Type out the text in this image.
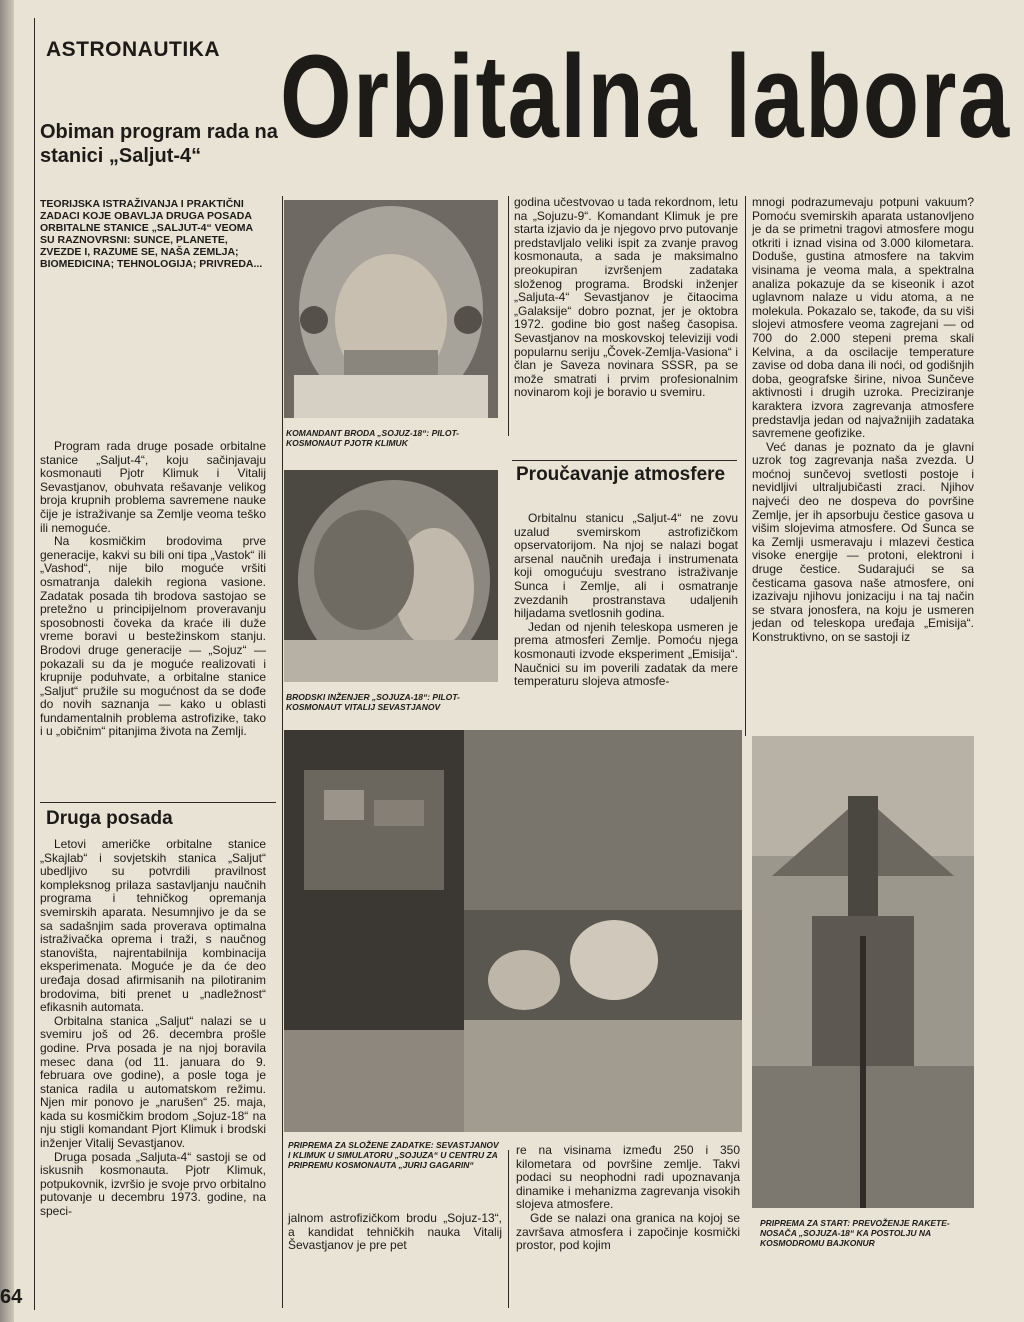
ASTRONAUTIKA Orbitalna labora
Obiman program rada na stanici „Saljut-4“
TEORIJSKA ISTRAŽIVANJA I PRAKTIČNI ZADACI KOJE OBAVLJA DRUGA POSADA ORBITALNE STANICE „SALJUT-4“ VEOMA SU RAZNOVRSNI: SUNCE, PLANETE, ZVEZDE I, RAZUME SE, NAŠA ZEMLJA; BIOMEDICINA; TEHNOLOGIJA; PRIVREDA...

Program rada druge posade orbitalne stanice „Saljut-4“, koju sačinjavaju kosmonauti Pjotr Klimuk i Vitalij Sevastjanov, obuhvata rešavanje velikog broja krupnih problema savremene nauke čije je istraživanje sa Zemlje veoma teško ili nemoguće.

Na kosmičkim brodovima prve generacije, kakvi su bili oni tipa „Vastok“ ili „Vashod“, nije bilo moguće vršiti osmatranja dalekih regiona vasione. Zadatak posada tih brodova sastojao se pretežno u principijelnom proveravanju sposobnosti čoveka da kraće ili duže vreme boravi u bestežinskom stanju. Brodovi druge generacije — „Sojuz“ — pokazali su da je moguće realizovati i krupnije poduhvate, a orbitalne stanice „Saljut“ pružile su mogućnost da se dođe do novih saznanja — kako u oblasti fundamentalnih problema astrofizike, tako i u „običnim“ pitanjima života na Zemlji.

Druga posada

Letovi američke orbitalne stanice „Skajlab“ i sovjetskih stanica „Saljut“ ubedljivo su potvrdili pravilnost kompleksnog prilaza sastavljanju naučnih programa i tehničkog opremanja svemirskih aparata. Nesumnjivo je da se sa sadašnjim sada proverava optimalna istraživačka oprema i traži, s naučnog stanovišta, najrentabilnija kombinacija eksperimenata. Moguće je da će deo uređaja dosad afirmisanih na pilotiranim brodovima, biti prenet u „nadležnost“ efikasnih automata.

Orbitalna stanica „Saljut“ nalazi se u svemiru još od 26. decembra prošle godine. Prva posada je na njoj boravila mesec dana (od 11. januara do 9. februara ove godine), a posle toga je stanica radila u automatskom režimu. Njen mir ponovo je „narušen“ 25. maja, kada su kosmičkim brodom „Sojuz-18“ na nju stigli komandant Pjort Klimuk i brodski inženjer Vitalij Sevastjanov.

Druga posada „Saljuta-4“ sastoji se od iskusnih kosmonauta. Pjotr Klimuk, potpukovnik, izvršio je svoje prvo orbitalno putovanje u decembru 1973. godine, na speci-

KOMANDANT BRODA „SOJUZ-18“: PILOT-KOSMONAUT PJOTR KLIMUK
BRODSKI INŽENJER „SOJUZA-18“: PILOT-KOSMONAUT VITALIJ SEVASTJANOV
PRIPREMA ZA SLOŽENE ZADATKE: SEVASTJANOV I KLIMUK U SIMULATORU „SOJUZA“ U CENTRU ZA PRIPREMU KOSMONAUTA „JURIJ GAGARIN“
jalnom astrofizičkom brodu „Sojuz-13“, a kandidat tehničkih nauka Vitalij Ševastjanov je pre pet

godina učestvovao u tada rekordnom, letu na „Sojuzu-9“. Komandant Klimuk je pre starta izjavio da je njegovo prvo putovanje predstavljalo veliki ispit za zvanje pravog kosmonauta, a sada je maksimalno preokupiran izvršenjem zadataka složenog programa. Brodski inženjer „Saljuta-4“ Sevastjanov je čitaocima „Galaksije“ dobro poznat, jer je oktobra 1972. godine bio gost našeg časopisa. Sevastjanov na moskovskoj televiziji vodi popularnu seriju „Čovek-Zemlja-Vasiona“ i član je Saveza novinara SSSR, pa se može smatrati i prvim profesionalnim novinarom koji je boravio u svemiru.

Proučavanje atmosfere

Orbitalnu stanicu „Saljut-4“ ne zovu uzalud svemirskom astrofizičkom opservatorijom. Na njoj se nalazi bogat arsenal naučnih uređaja i instrumenata koji omogućuju svestrano istraživanje Sunca i Zemlje, ali i osmatranje zvezdanih prostranstava udaljenih hiljadama svetlosnih godina.

Jedan od njenih teleskopa usmeren je prema atmosferi Zemlje. Pomoću njega kosmonauti izvode eksperiment „Emisija“. Naučnici su im poverili zadatak da mere temperaturu slojeva atmosfe-

re na visinama između 250 i 350 kilometara od površine zemlje. Takvi podaci su neophodni radi upoznavanja dinamike i mehanizma zagrevanja visokih slojeva atmosfere.

Gde se nalazi ona granica na kojoj se završava atmosfera i započinje kosmički prostor, pod kojim

mnogi podrazumevaju potpuni vakuum? Pomoću svemirskih aparata ustanovljeno je da se primetni tragovi atmosfere mogu otkriti i iznad visina od 3.000 kilometara. Doduše, gustina atmosfere na takvim visinama je veoma mala, a spektralna analiza pokazuje da se kiseonik i azot uglavnom nalaze u vidu atoma, a ne molekula. Pokazalo se, takođe, da su viši slojevi atmosfere veoma zagrejani — od 700 do 2.000 stepeni prema skali Kelvina, a da oscilacije temperature zavise od doba dana ili noći, od godišnjih doba, geografske širine, nivoa Sunčeve aktivnosti i drugih uzroka. Preciziranje karaktera izvora zagrevanja atmosfere predstavlja jedan od najvažnijih zadataka savremene geofizike.

Već danas je poznato da je glavni uzrok tog zagrevanja naša zvezda. U moćnoj sunčevoj svetlosti postoje i nevidljivi ultraljubičasti zraci. Njihov najveći deo ne dospeva do površine Zemlje, jer ih apsorbuju čestice gasova u višim slojevima atmosfere. Od Sunca se ka Zemlji usmeravaju i mlazevi čestica visoke energije — protoni, elektroni i druge čestice. Sudarajući se sa česticama gasova naše atmosfere, oni izazivaju njihovu jonizaciju i na taj način se stvara jonosfera, na koju je usmeren jedan od teleskopa uređaja „Emisija“. Konstruktivno, on se sastoji iz

PRIPREMA ZA START: PREVOŽENJE RAKETE-NOSAČA „SOJUZA-18“ KA POSTOLJU NA KOSMODROMU BAJKONUR
64
